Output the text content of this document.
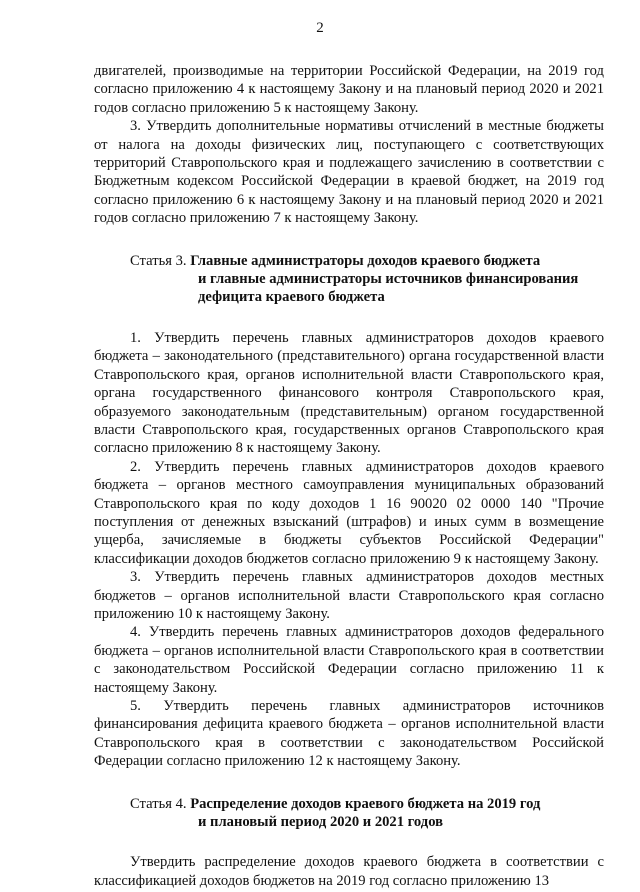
2

двигателей, производимые на территории Российской Федерации, на 2019 год согласно приложению 4 к настоящему Закону и на плановый период 2020 и 2021 годов согласно приложению 5 к настоящему Закону.

3. Утвердить дополнительные нормативы отчислений в местные бюджеты от налога на доходы физических лиц, поступающего с соответствующих территорий Ставропольского края и подлежащего зачислению в соответствии с Бюджетным кодексом Российской Федерации в краевой бюджет, на 2019 год согласно приложению 6 к настоящему Закону и на плановый период 2020 и 2021 годов согласно приложению 7 к настоящему Закону.

Статья 3. Главные администраторы доходов краевого бюджета
и главные администраторы источников финансирования
дефицита краевого бюджета

1. Утвердить перечень главных администраторов доходов краевого бюджета – законодательного (представительного) органа государственной власти Ставропольского края, органов исполнительной власти Ставропольского края, органа государственного финансового контроля Ставропольского края, образуемого законодательным (представительным) органом государственной власти Ставропольского края, государственных органов Ставропольского края согласно приложению 8 к настоящему Закону.

2. Утвердить перечень главных администраторов доходов краевого бюджета – органов местного самоуправления муниципальных образований Ставропольского края по коду доходов 1 16 90020 02 0000 140 "Прочие поступления от денежных взысканий (штрафов) и иных сумм в возмещение ущерба, зачисляемые в бюджеты субъектов Российской Федерации" классификации доходов бюджетов согласно приложению 9 к настоящему Закону.

3. Утвердить перечень главных администраторов доходов местных бюджетов – органов исполнительной власти Ставропольского края согласно приложению 10 к настоящему Закону.

4. Утвердить перечень главных администраторов доходов федерального бюджета – органов исполнительной власти Ставропольского края в соответствии с законодательством Российской Федерации согласно приложению 11 к настоящему Закону.

5. Утвердить перечень главных администраторов источников финансирования дефицита краевого бюджета – органов исполнительной власти Ставропольского края в соответствии с законодательством Российской Федерации согласно приложению 12 к настоящему Закону.

Статья 4. Распределение доходов краевого бюджета на 2019 год
и плановый период 2020 и 2021 годов

Утвердить распределение доходов краевого бюджета в соответствии с классификацией доходов бюджетов на 2019 год согласно приложению 13
